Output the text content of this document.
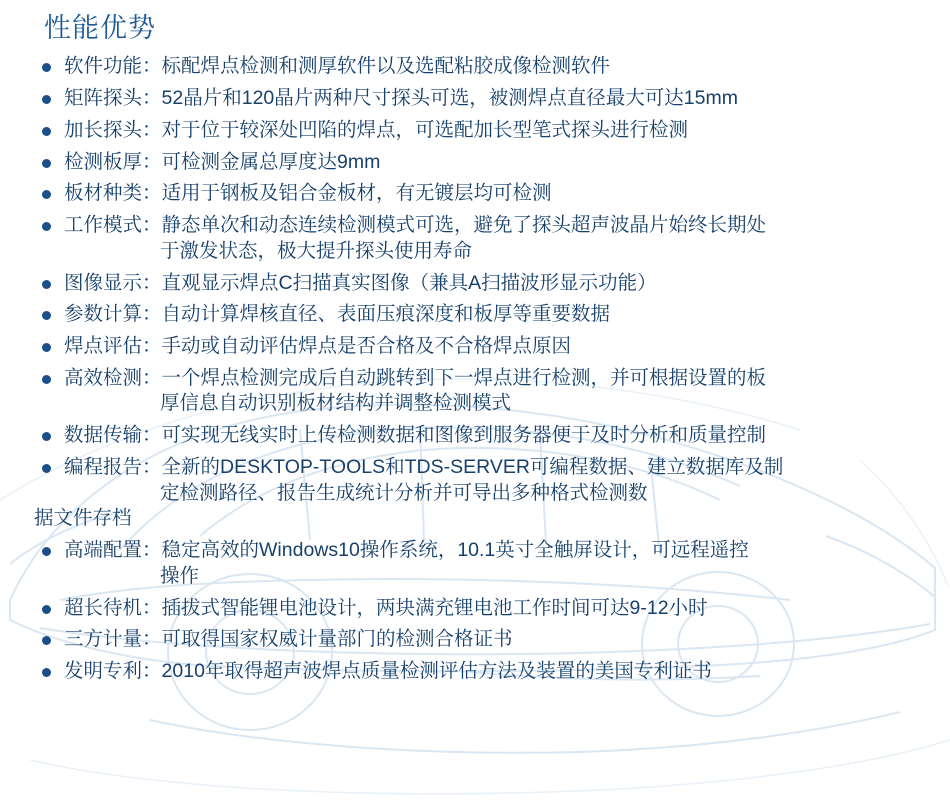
性能优势
软件功能：标配焊点检测和测厚软件以及选配粘胶成像检测软件
矩阵探头：52晶片和120晶片两种尺寸探头可选，被测焊点直径最大可达15mm
加长探头：对于位于较深处凹陷的焊点，可选配加长型笔式探头进行检测
检测板厚：可检测金属总厚度达9mm
板材种类：适用于钢板及铝合金板材，有无镀层均可检测
工作模式：静态单次和动态连续检测模式可选，避免了探头超声波晶片始终长期处
于激发状态，极大提升探头使用寿命
图像显示：直观显示焊点C扫描真实图像（兼具A扫描波形显示功能）
参数计算：自动计算焊核直径、表面压痕深度和板厚等重要数据
焊点评估：手动或自动评估焊点是否合格及不合格焊点原因
高效检测：一个焊点检测完成后自动跳转到下一焊点进行检测，并可根据设置的板
厚信息自动识别板材结构并调整检测模式
数据传输：可实现无线实时上传检测数据和图像到服务器便于及时分析和质量控制
编程报告：全新的DESKTOP-TOOLS和TDS-SERVER可编程数据、建立数据库及制
定检测路径、报告生成统计分析并可导出多种格式检测数
据文件存档
高端配置：稳定高效的Windows10操作系统，10.1英寸全触屏设计，可远程遥控
操作
超长待机：插拔式智能锂电池设计，两块满充锂电池工作时间可达9-12小时
三方计量：可取得国家权威计量部门的检测合格证书
发明专利：2010年取得超声波焊点质量检测评估方法及装置的美国专利证书
